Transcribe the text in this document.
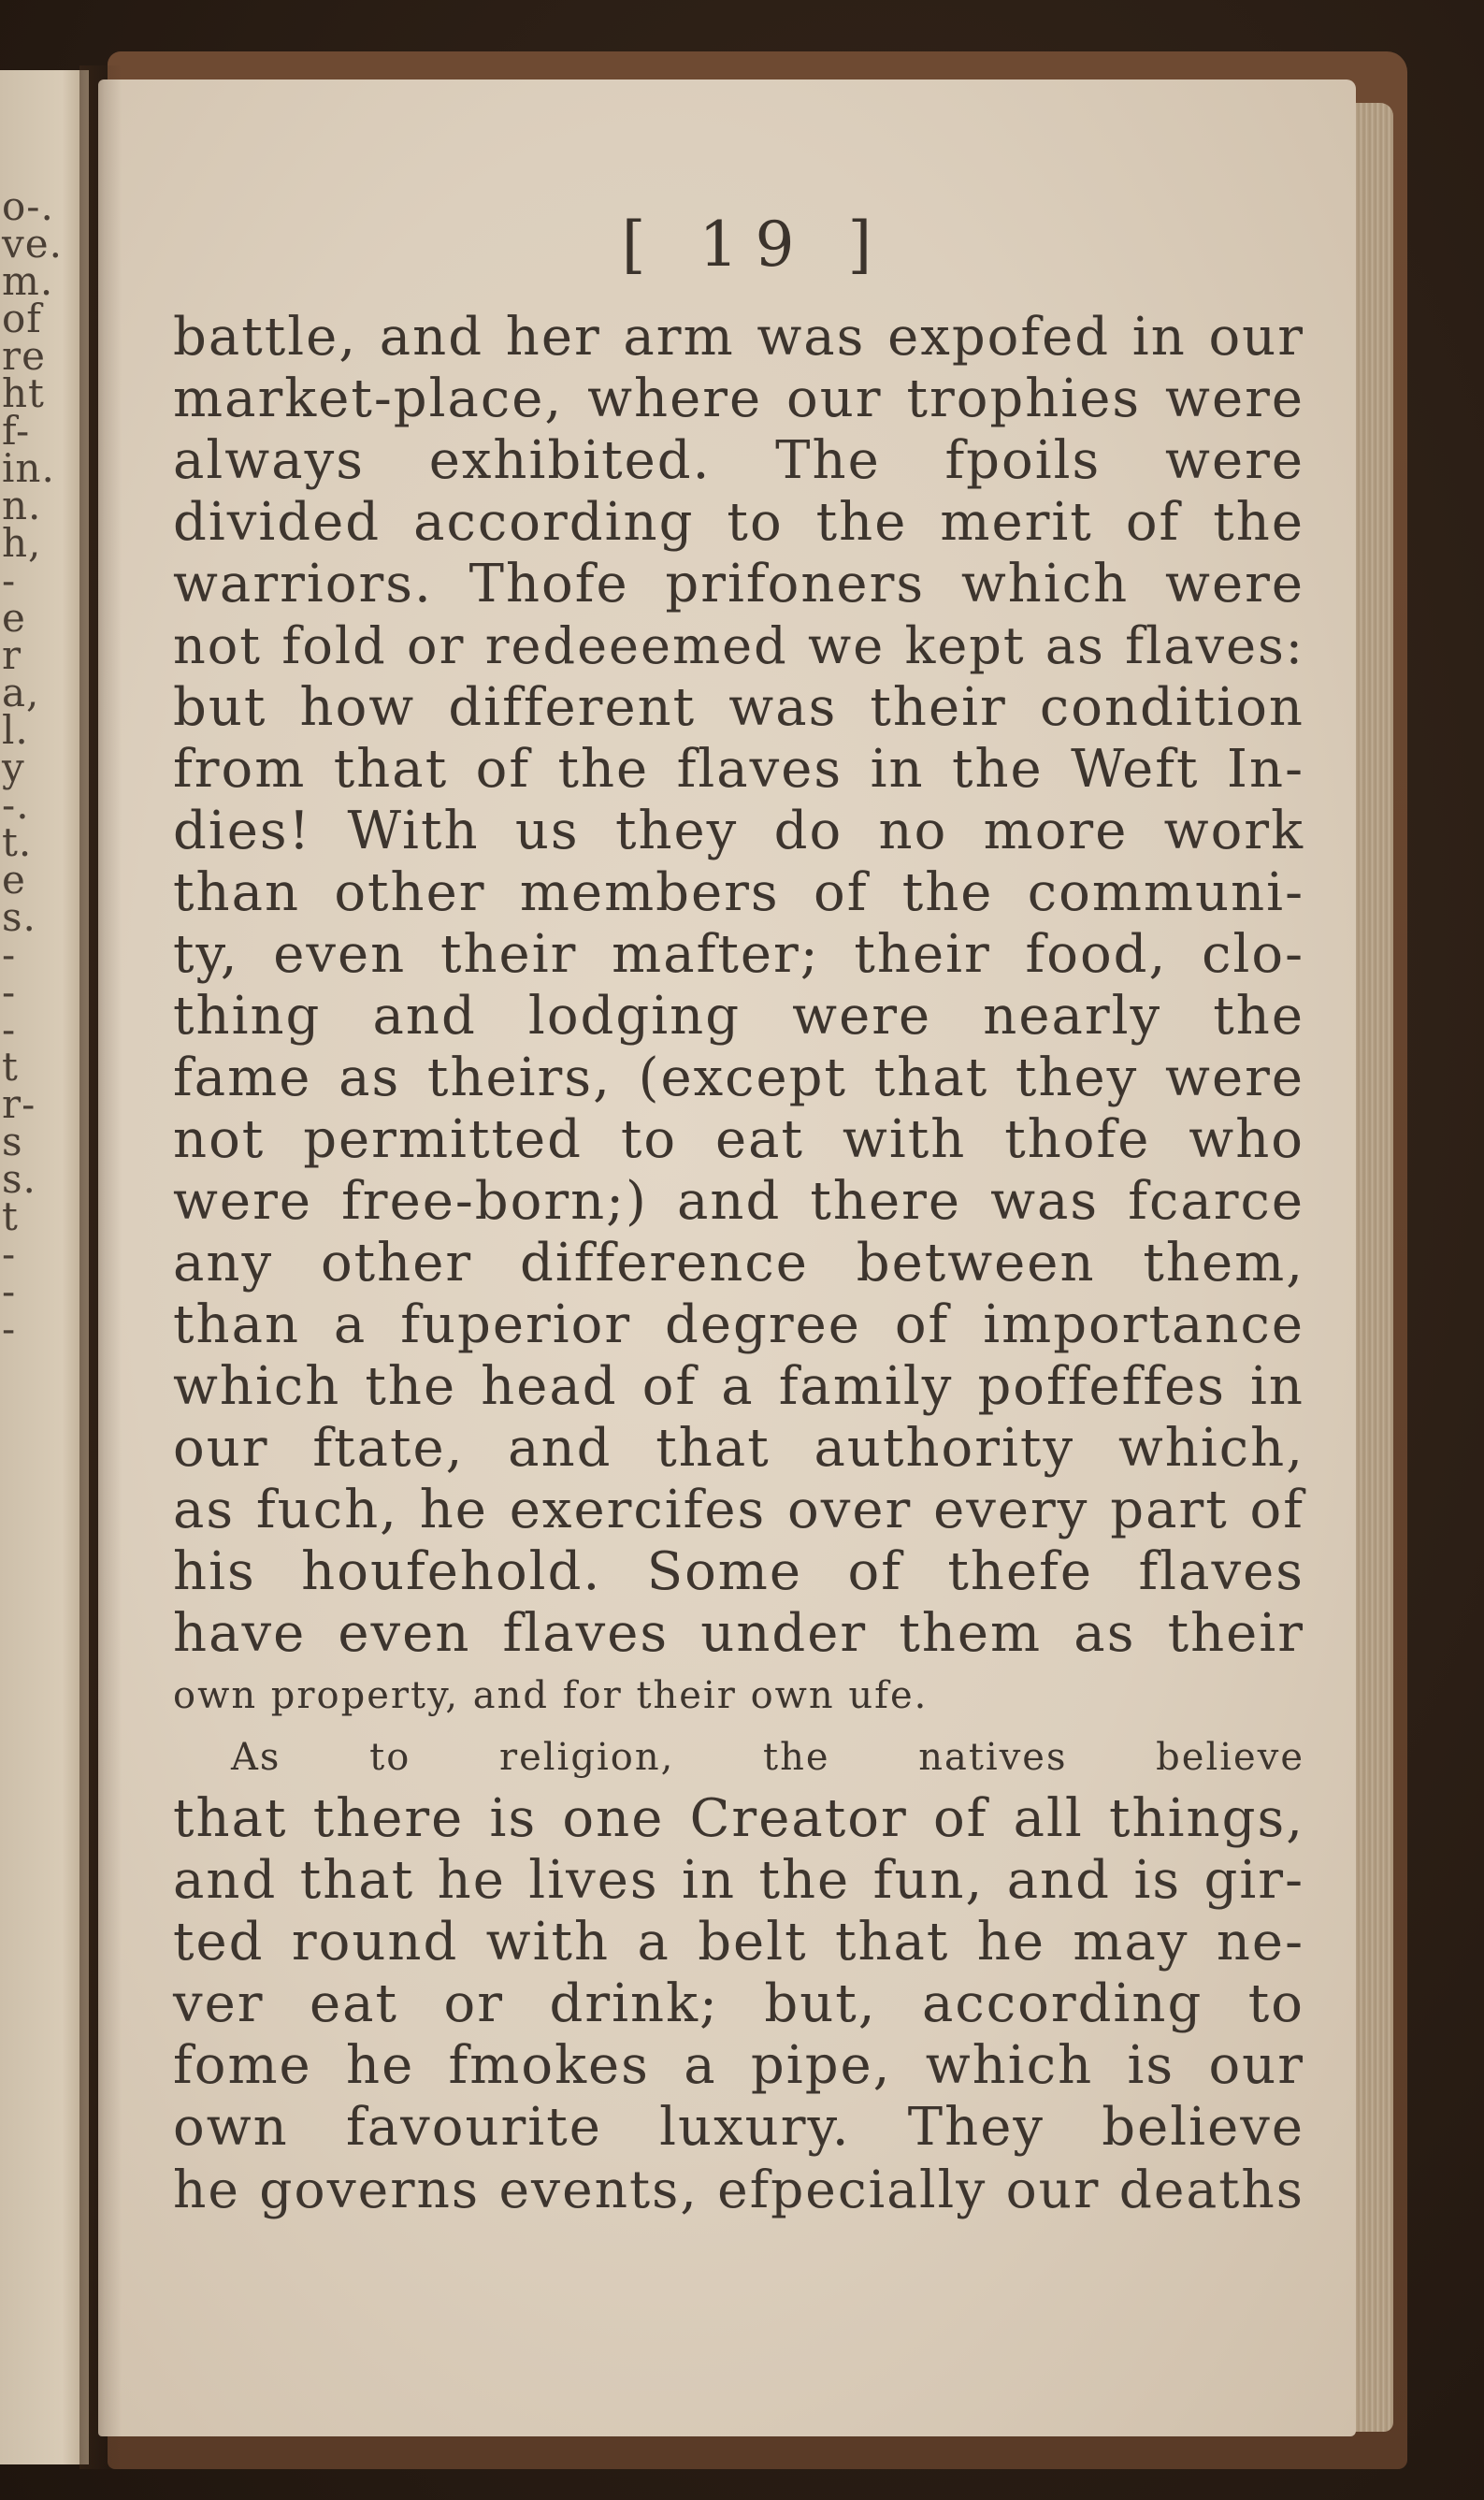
o-.
ve.
m.
of
re
ht
f-
in.
n.
h,
-
e
r
a,
l.
y
-.
t.
e
s.
-
-
-
t
r-
s
s.
t
-
-
-
[ 19 ]
battle, and her arm was expofed in our
market-place, where our trophies were
always exhibited. The fpoils were
divided according to the merit of the
warriors. Thofe prifoners which were
not fold or redeeemed we kept as flaves:
but how different was their condition
from that of the flaves in the Weft In-
dies! With us they do no more work
than other members of the communi-
ty, even their mafter; their food, clo-
thing and lodging were nearly the
fame as theirs, (except that they were
not permitted to eat with thofe who
were free-born;) and there was fcarce
any other difference between them,
than a fuperior degree of importance
which the head of a family poffeffes in
our ftate, and that authority which,
as fuch, he exercifes over every part of
his houfehold. Some of thefe flaves
have even flaves under them as their
own property, and for their own ufe.
As to religion, the natives believe
that there is one Creator of all things,
and that he lives in the fun, and is gir-
ted round with a belt that he may ne-
ver eat or drink; but, according to
fome he fmokes a pipe, which is our
own favourite luxury. They believe
he governs events, efpecially our deaths
